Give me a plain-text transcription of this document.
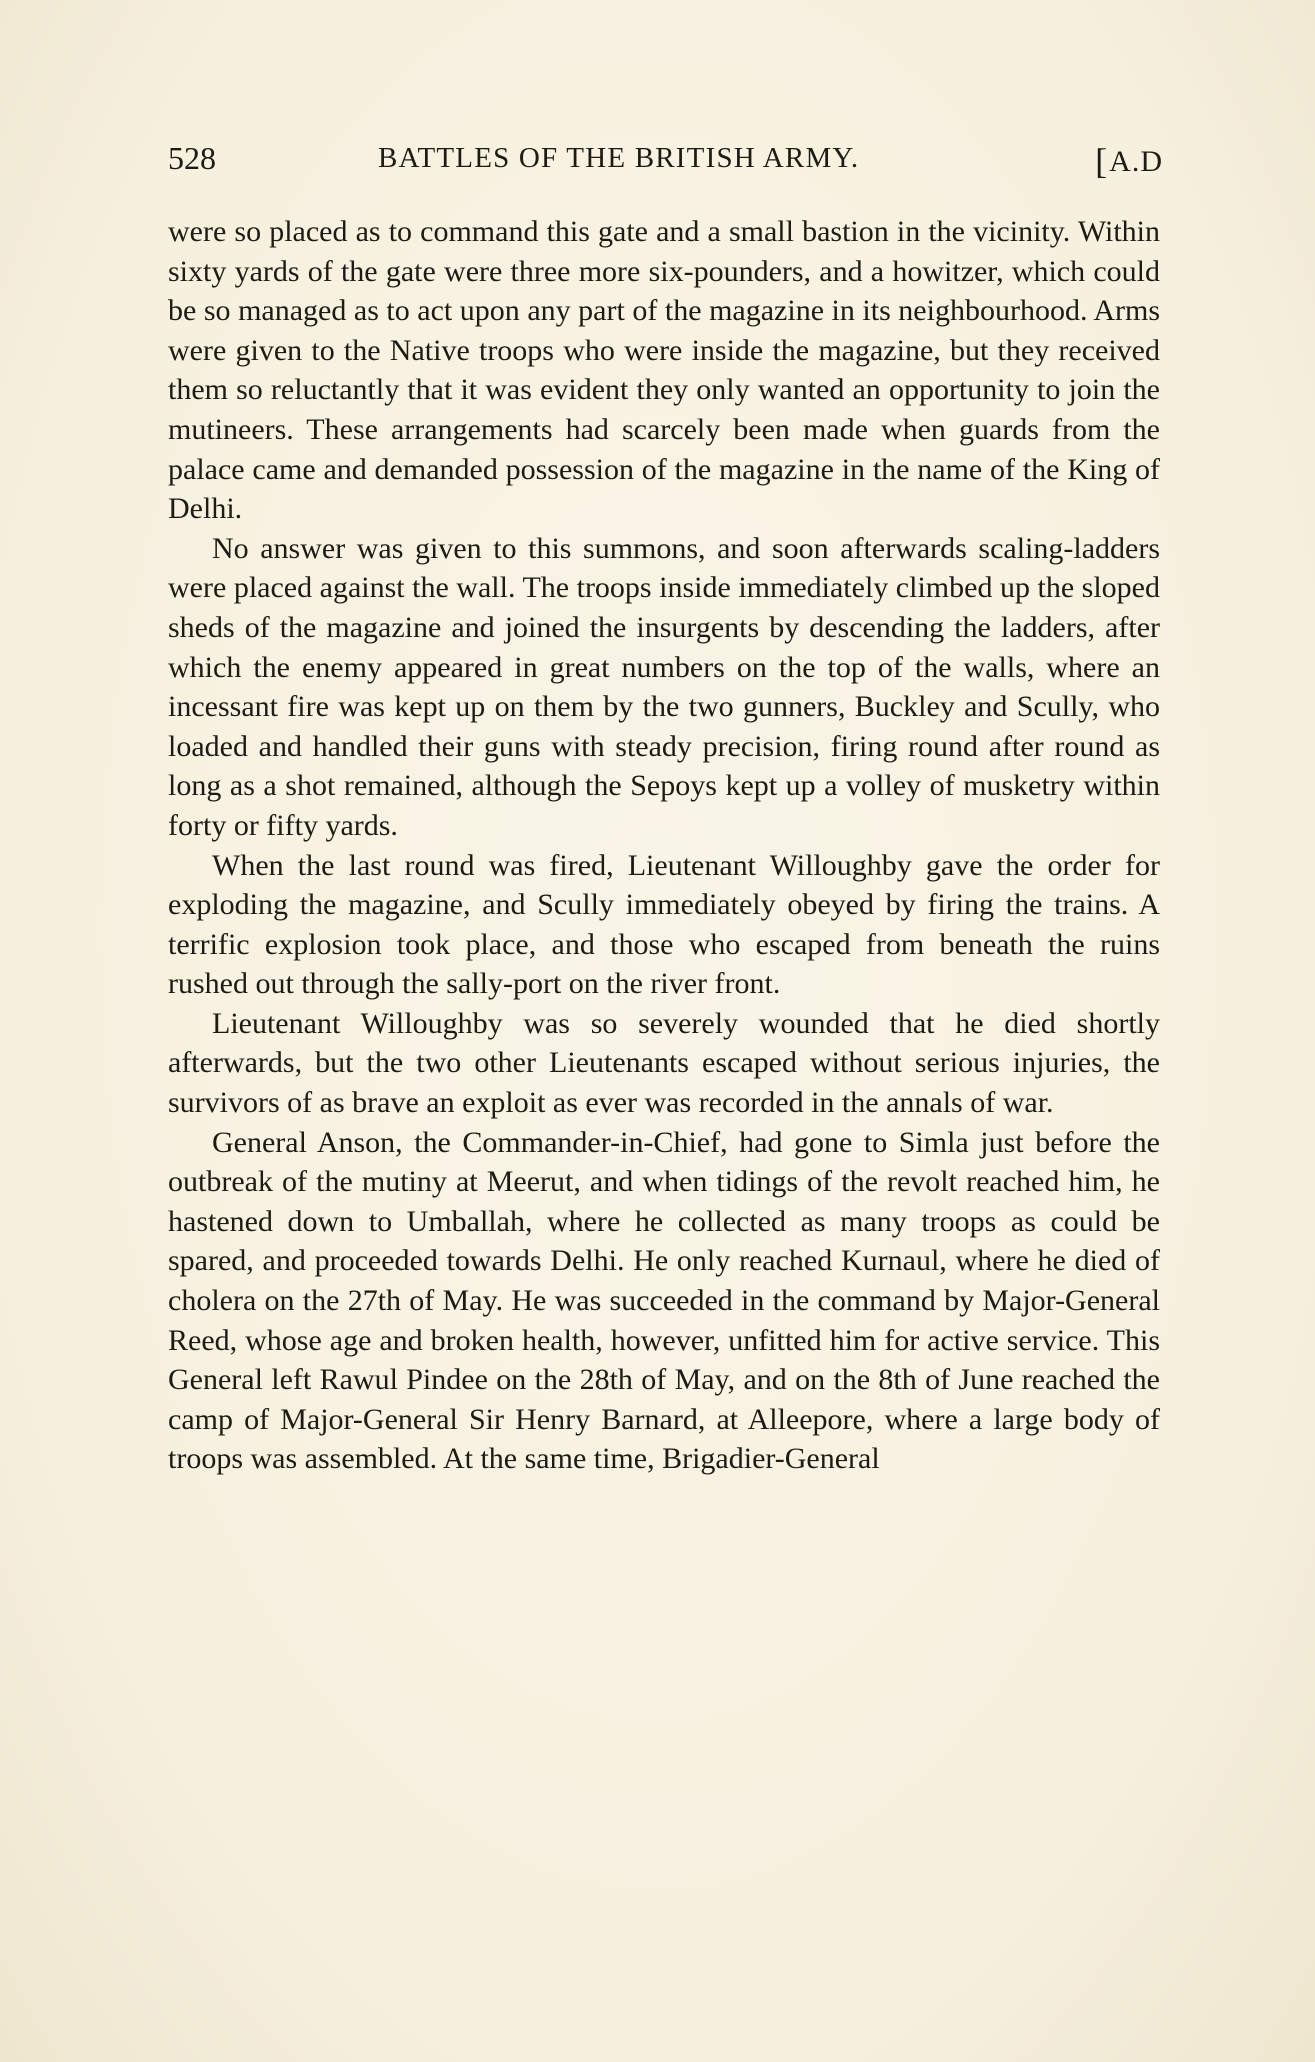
528	BATTLES OF THE BRITISH ARMY.	[A.D

were so placed as to command this gate and a small bastion in the vicinity. Within sixty yards of the gate were three more six-pounders, and a howitzer, which could be so managed as to act upon any part of the magazine in its neighbourhood. Arms were given to the Native troops who were inside the magazine, but they received them so reluctantly that it was evident they only wanted an opportunity to join the mutineers. These arrangements had scarcely been made when guards from the palace came and demanded possession of the magazine in the name of the King of Delhi.

No answer was given to this summons, and soon afterwards scaling-ladders were placed against the wall. The troops inside immediately climbed up the sloped sheds of the magazine and joined the insurgents by descending the ladders, after which the enemy appeared in great numbers on the top of the walls, where an incessant fire was kept up on them by the two gunners, Buckley and Scully, who loaded and handled their guns with steady precision, firing round after round as long as a shot remained, although the Sepoys kept up a volley of musketry within forty or fifty yards.

When the last round was fired, Lieutenant Willoughby gave the order for exploding the magazine, and Scully immediately obeyed by firing the trains. A terrific explosion took place, and those who escaped from beneath the ruins rushed out through the sally-port on the river front.

Lieutenant Willoughby was so severely wounded that he died shortly afterwards, but the two other Lieutenants escaped without serious injuries, the survivors of as brave an exploit as ever was recorded in the annals of war.

General Anson, the Commander-in-Chief, had gone to Simla just before the outbreak of the mutiny at Meerut, and when tidings of the revolt reached him, he hastened down to Umballah, where he collected as many troops as could be spared, and proceeded towards Delhi. He only reached Kurnaul, where he died of cholera on the 27th of May. He was succeeded in the command by Major-General Reed, whose age and broken health, however, unfitted him for active service. This General left Rawul Pindee on the 28th of May, and on the 8th of June reached the camp of Major-General Sir Henry Barnard, at Alleepore, where a large body of troops was assembled. At the same time, Brigadier-General
